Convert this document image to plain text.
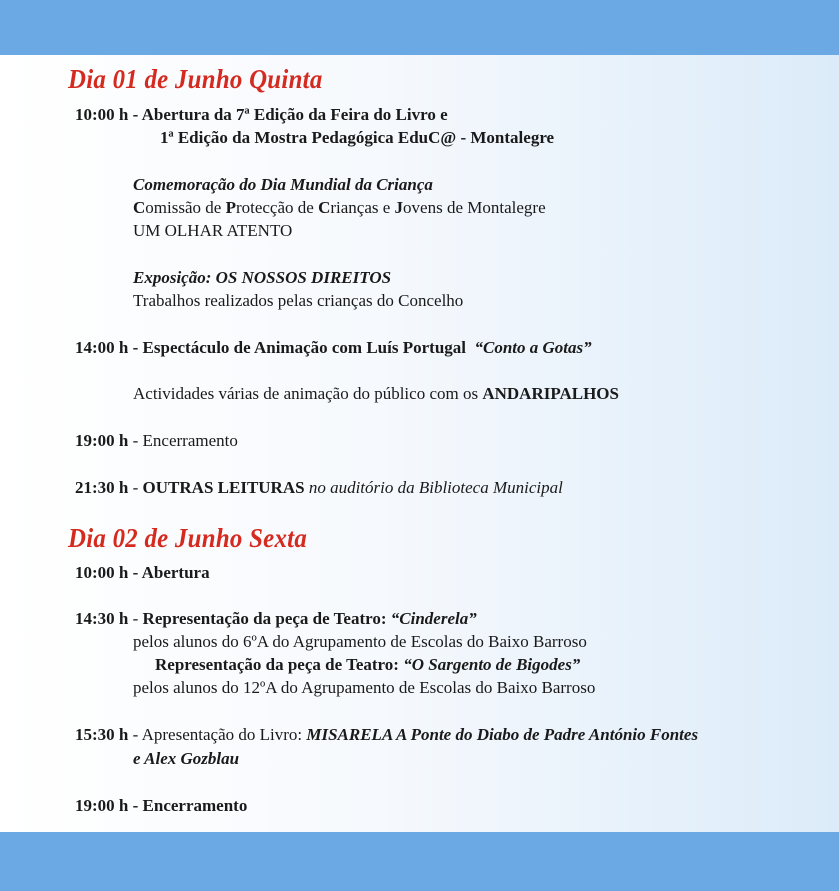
Dia 01 de Junho Quinta
10:00 h - Abertura da 7ª Edição da Feira do Livro e
1ª Edição da Mostra Pedagógica EduC@ - Montalegre
Comemoração do Dia Mundial da Criança
Comissão de Protecção de Crianças e Jovens de Montalegre
UM OLHAR ATENTO
Exposição: OS NOSSOS DIREITOS
Trabalhos realizados pelas crianças do Concelho
14:00 h - Espectáculo de Animação com Luís Portugal “Conto a Gotas”
Actividades várias de animação do público com os ANDARIPALHOS
19:00 h - Encerramento
21:30 h - OUTRAS LEITURAS no auditório da Biblioteca Municipal
Dia 02 de Junho Sexta
10:00 h - Abertura
14:30 h - Representação da peça de Teatro: “Cinderela”
pelos alunos do 6ºA do Agrupamento de Escolas do Baixo Barroso
Representação da peça de Teatro: “O Sargento de Bigodes”
pelos alunos do 12ºA do Agrupamento de Escolas do Baixo Barroso
15:30 h - Apresentação do Livro: MISARELA A Ponte do Diabo de Padre António Fontes
e Alex Gozblau
19:00 h - Encerramento
